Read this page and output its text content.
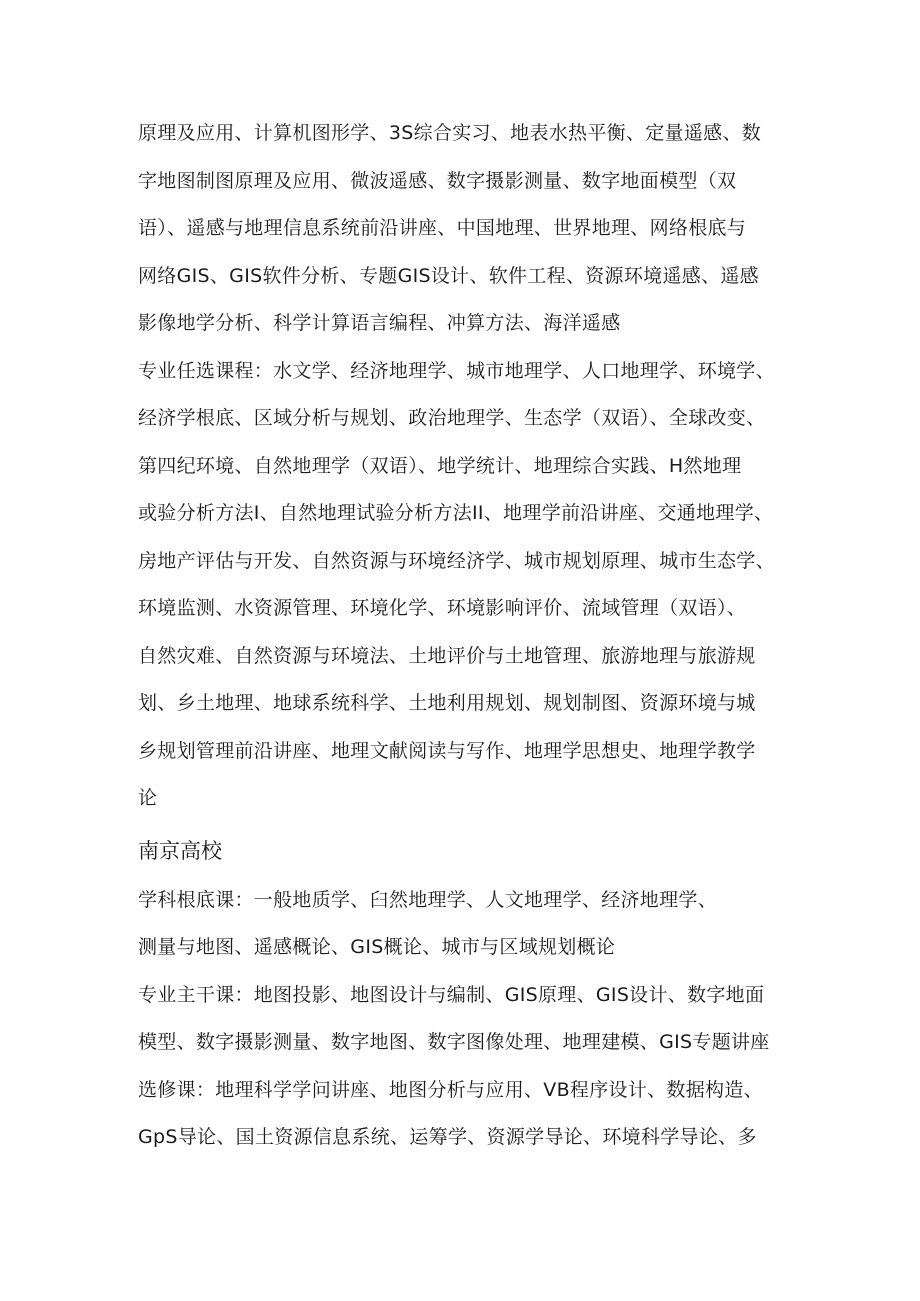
原理及应用、计算机图形学、3S综合实习、地表水热平衡、定量遥感、数
字地图制图原理及应用、微波遥感、数字摄影测量、数字地面模型（双
语）、遥感与地理信息系统前沿讲座、中国地理、世界地理、网络根底与
网络GIS、GIS软件分析、专题GIS设计、软件工程、资源环境遥感、遥感
影像地学分析、科学计算语言编程、冲算方法、海洋遥感
专业任选课程：水文学、经济地理学、城市地理学、人口地理学、环境学、
经济学根底、区域分析与规划、政治地理学、生态学（双语）、全球改变、
第四纪环境、自然地理学（双语）、地学统计、地理综合实践、H然地理
或验分析方法I、自然地理试验分析方法II、地理学前沿讲座、交通地理学、
房地产评估与开发、自然资源与环境经济学、城市规划原理、城市生态学、
环境监测、水资源管理、环境化学、环境影响评价、流域管理（双语）、
自然灾难、自然资源与环境法、土地评价与土地管理、旅游地理与旅游规
划、乡土地理、地球系统科学、土地利用规划、规划制图、资源环境与城
乡规划管理前沿讲座、地理文献阅读与写作、地理学思想史、地理学教学
论
南京高校
学科根底课：一般地质学、臼然地理学、人文地理学、经济地理学、
测量与地图、遥感概论、GIS概论、城市与区域规划概论
专业主干课：地图投影、地图设计与编制、GIS原理、GIS设计、数字地面
模型、数字摄影测量、数字地图、数字图像处理、地理建模、GIS专题讲座
选修课：地理科学学问讲座、地图分析与应用、VB程序设计、数据构造、
GpS导论、国土资源信息系统、运筹学、资源学导论、环境科学导论、多
